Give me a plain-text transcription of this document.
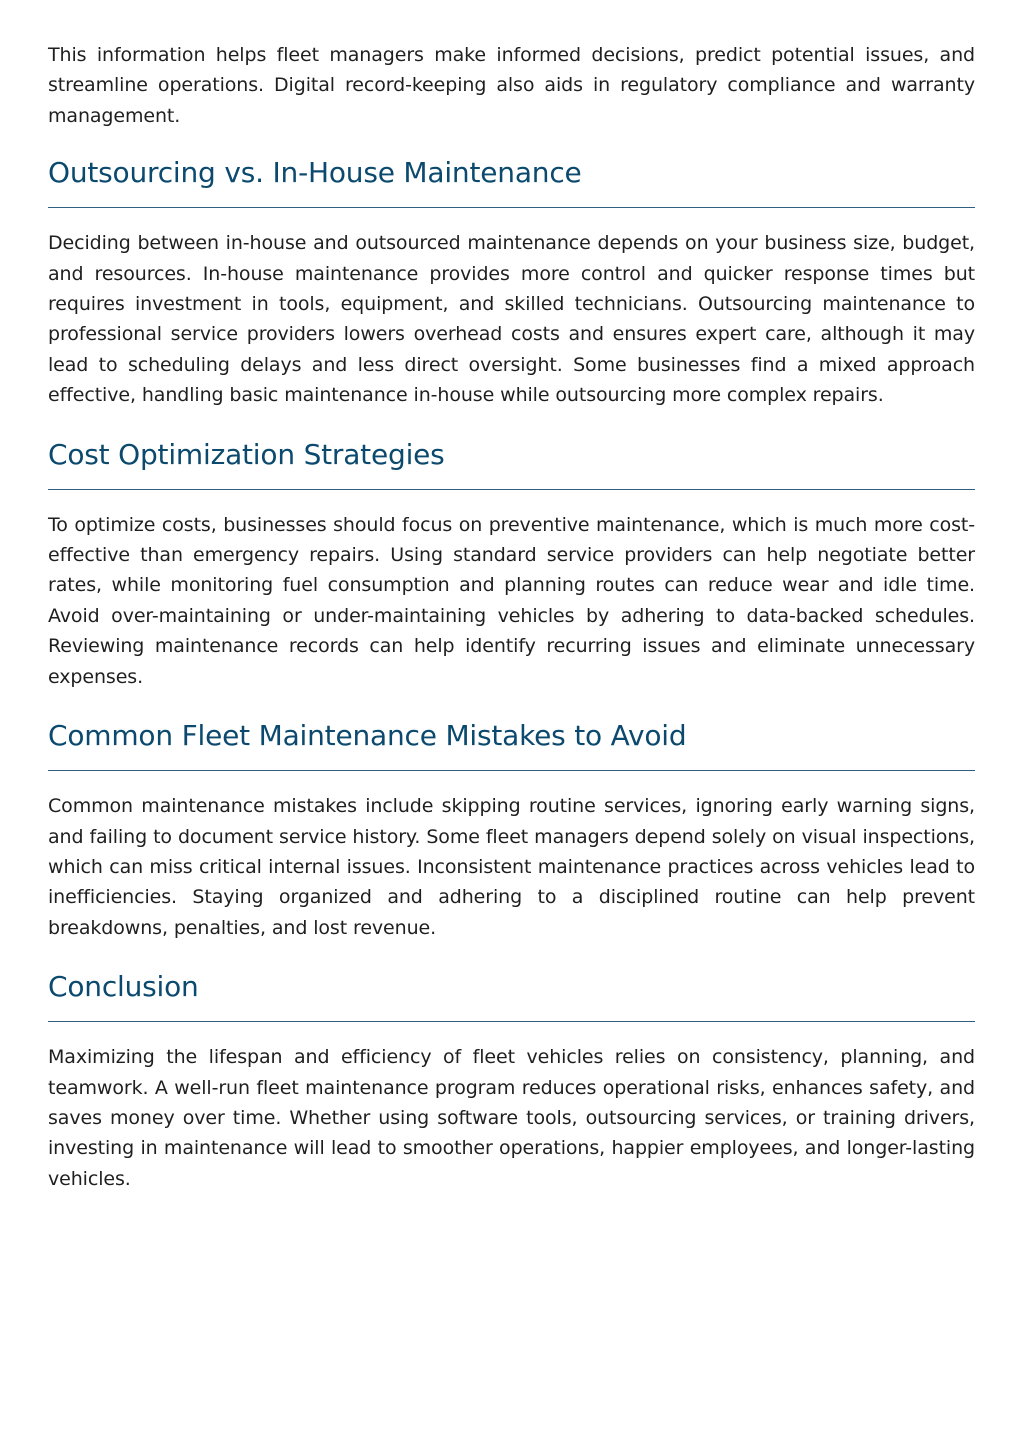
This information helps fleet managers make informed decisions, predict potential issues, and streamline operations. Digital record-keeping also aids in regulatory compliance and warranty management.

Outsourcing vs. In-House Maintenance

Deciding between in-house and outsourced maintenance depends on your business size, budget, and resources. In-house maintenance provides more control and quicker response times but requires investment in tools, equipment, and skilled technicians. Outsourcing maintenance to professional service providers lowers overhead costs and ensures expert care, although it may lead to scheduling delays and less direct oversight. Some businesses find a mixed approach effective, handling basic maintenance in-house while outsourcing more complex repairs.

Cost Optimization Strategies

To optimize costs, businesses should focus on preventive maintenance, which is much more cost-effective than emergency repairs. Using standard service providers can help negotiate better rates, while monitoring fuel consumption and planning routes can reduce wear and idle time. Avoid over-maintaining or under-maintaining vehicles by adhering to data-backed schedules. Reviewing maintenance records can help identify recurring issues and eliminate unnecessary expenses.

Common Fleet Maintenance Mistakes to Avoid

Common maintenance mistakes include skipping routine services, ignoring early warning signs, and failing to document service history. Some fleet managers depend solely on visual inspections, which can miss critical internal issues. Inconsistent maintenance practices across vehicles lead to inefficiencies. Staying organized and adhering to a disciplined routine can help prevent breakdowns, penalties, and lost revenue.

Conclusion

Maximizing the lifespan and efficiency of fleet vehicles relies on consistency, planning, and teamwork. A well-run fleet maintenance program reduces operational risks, enhances safety, and saves money over time. Whether using software tools, outsourcing services, or training drivers, investing in maintenance will lead to smoother operations, happier employees, and longer-lasting vehicles.
